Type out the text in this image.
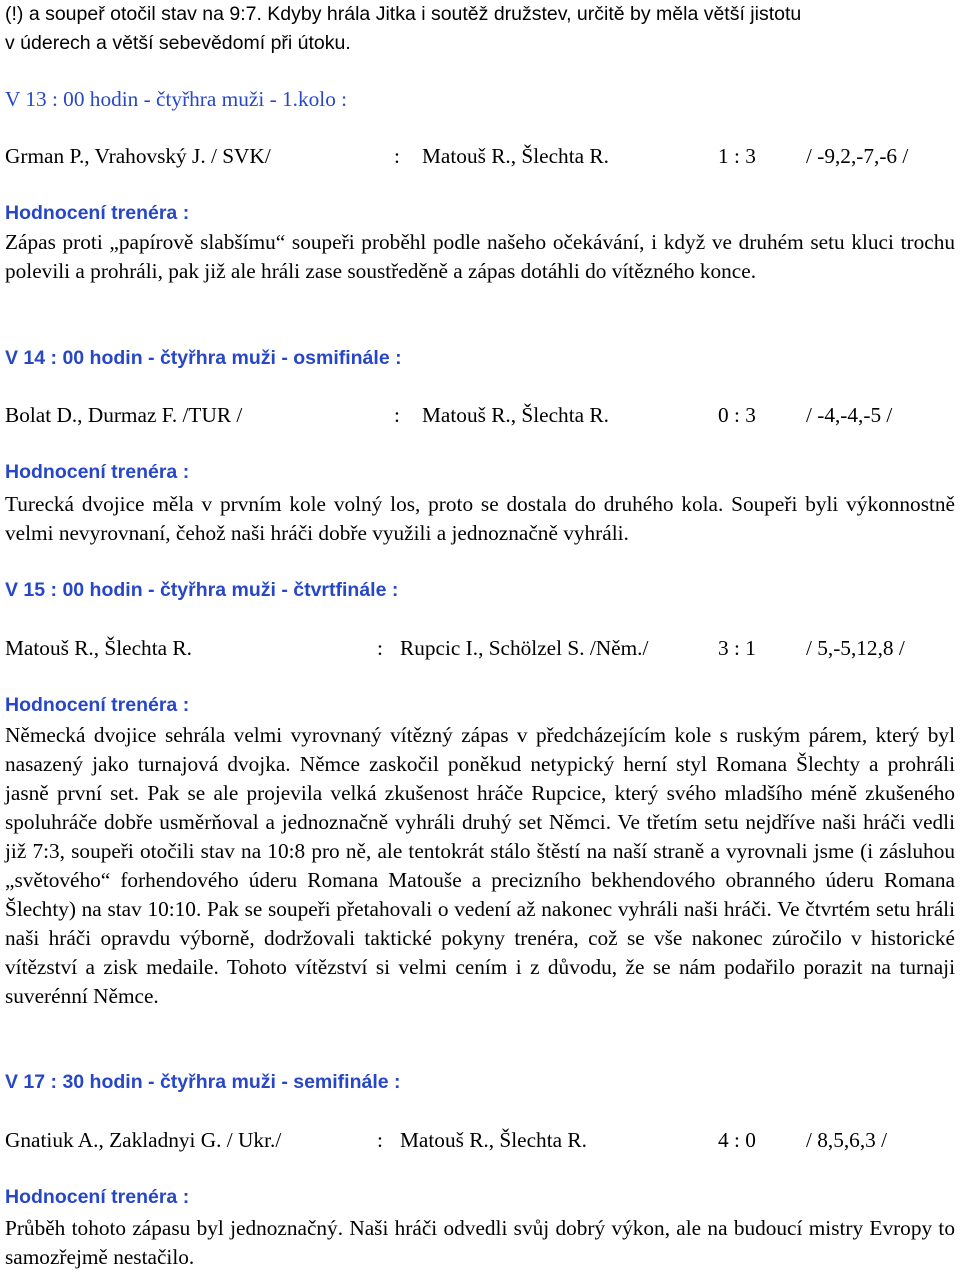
(!) a soupeř otočil stav na 9:7. Kdyby hrála Jitka i soutěž družstev, určitě by měla větší jistotu
v úderech a větší sebevědomí při útoku.
V 13 : 00 hodin - čtyřhra muži - 1.kolo :
Grman P., Vrahovský J. / SVK/	: Matouš R., Šlechta R.	1 : 3 / -9,2,-7,-6 /
Hodnocení trenéra :
Zápas proti „papírově slabšímu“ soupeři proběhl podle našeho očekávání, i když ve druhém setu kluci trochu polevili a prohráli, pak již ale hráli zase soustředěně a zápas dotáhli do vítězného konce.
V 14 : 00 hodin - čtyřhra muži - osmifinále :
Bolat D., Durmaz F. /TUR /	: Matouš R., Šlechta R.	0 : 3 / -4,-4,-5 /
Hodnocení trenéra :
Turecká dvojice měla v prvním kole volný los, proto se dostala do druhého kola. Soupeři byli výkonnostně velmi nevyrovnaní, čehož naši hráči dobře využili a jednoznačně vyhráli.
V 15 : 00 hodin - čtyřhra muži - čtvrtfinále :
Matouš R., Šlechta R.	: Rupcic I., Schölzel S. /Něm./	3 : 1 / 5,-5,12,8 /
Hodnocení trenéra :
Německá dvojice sehrála velmi vyrovnaný vítězný zápas v předcházejícím kole s ruským párem, který byl nasazený jako turnajová dvojka. Němce zaskočil poněkud netypický herní styl Romana Šlechty a prohráli jasně první set. Pak se ale projevila velká zkušenost hráče Rupcice, který svého mladšího méně zkušeného spoluhráče dobře usměrňoval a jednoznačně vyhráli druhý set Němci. Ve třetím setu nejdříve naši hráči vedli již 7:3, soupeři otočili stav na 10:8 pro ně, ale tentokrát stálo štěstí na naší straně a vyrovnali jsme (i zásluhou „světového“ forhendového úderu Romana Matouše a precizního bekhendového obranného úderu Romana Šlechty) na stav 10:10. Pak se soupeři přetahovali o vedení až nakonec vyhráli naši hráči. Ve čtvrtém setu hráli naši hráči opravdu výborně, dodržovali taktické pokyny trenéra, což se vše nakonec zúročilo v historické vítězství a zisk medaile. Tohoto vítězství si velmi cením i z důvodu, že se nám podařilo porazit na turnaji suverénní Němce.
V 17 : 30 hodin - čtyřhra muži - semifinále :
Gnatiuk A., Zakladnyi G. / Ukr./	: Matouš R., Šlechta R.	4 : 0 / 8,5,6,3 /
Hodnocení trenéra :
Průběh tohoto zápasu byl jednoznačný. Naši hráči odvedli svůj dobrý výkon, ale na budoucí mistry Evropy to samozřejmě nestačilo.
